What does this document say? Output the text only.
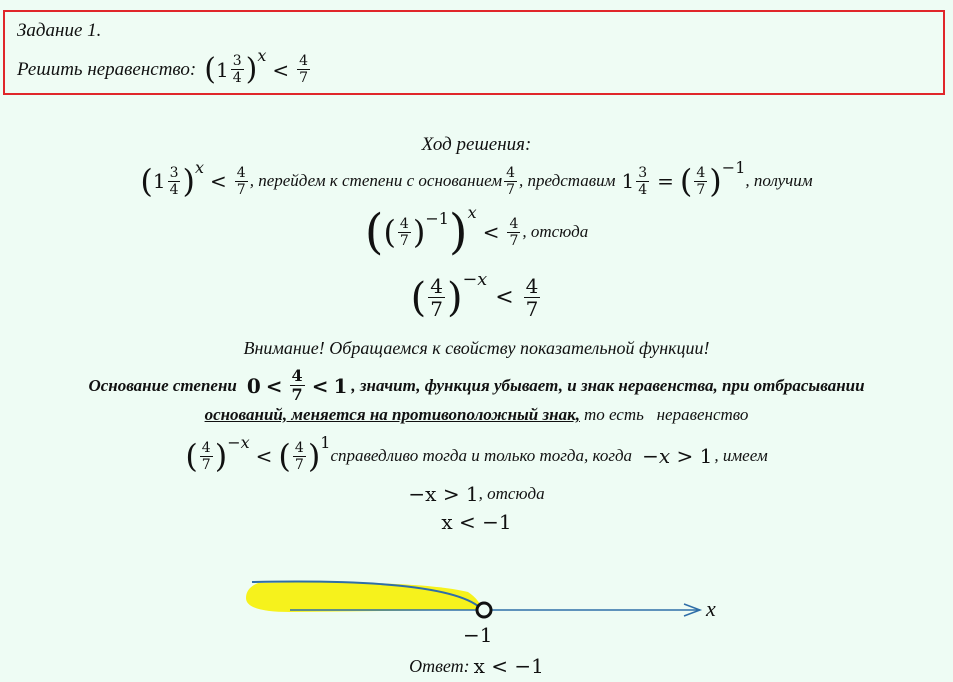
Задание 1.
Решить неравенство: ( $1 \frac{3}{4} )^x$
< $\frac{4}{7}$
Ход решения:
( $1 \frac{3}{4} )^x$
< $\frac{4}{7}$ , перейдем к степени с основанием $\frac{4}{7}$ , представим $1 \frac{3}{4}$ = ( $\frac{4}{7} )^{-1}$
, получим
( ( $\frac{4}{7} )^{-1}$ )$^x$
< $\frac{4}{7}$ , отсюда
( $\frac{4}{7} )^{-x}$
< $\frac{4}{7}$
Внимание! Обращаемся к свойству показательной функции!
Основание степени $0 < \frac{4}{7} < 1$ , значит, функция убывает, и знак неравенства, при отбрасывании
оснований, меняется на противоположный знак, то есть   неравенство
( $\frac{4}{7} )^{-x}$
< ( $\frac{4}{7} )^1$
справедливо тогда и только тогда, когда −x > 1 , имеем
−x > 1 , отсюда
x < −1
x
−1
Ответ: x < −1
